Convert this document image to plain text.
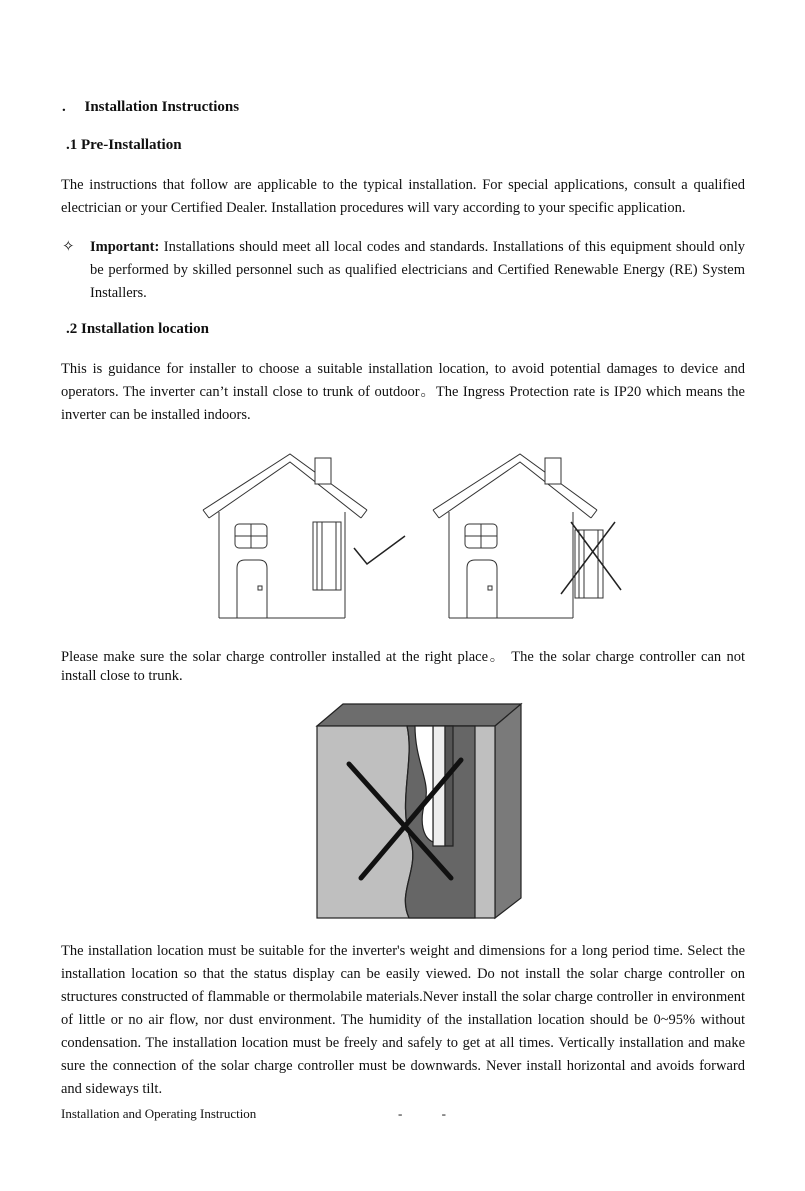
. Installation Instructions
.1 Pre-Installation
The instructions that follow are applicable to the typical installation. For special applications, consult a qualified electrician or your Certified Dealer. Installation procedures will vary according to your specific application.
✧ Important: Installations should meet all local codes and standards. Installations of this equipment should only be performed by skilled personnel such as qualified electricians and Certified Renewable Energy (RE) System Installers.
.2 Installation location
This is guidance for installer to choose a suitable installation location, to avoid potential damages to device and operators. The inverter can’t install close to trunk of outdoor。The Ingress Protection rate is IP20 which means the inverter can be installed indoors.
Please make sure the solar charge controller installed at the right place。 The the solar charge controller can not install close to trunk.
The installation location must be suitable for the inverter's weight and dimensions for a long period time. Select the installation location so that the status display can be easily viewed. Do not install the solar charge controller on structures constructed of flammable or thermolabile materials.Never install the solar charge controller in environment of little or no air flow, nor dust environment. The humidity of the installation location should be 0~95% without condensation. The installation location must be freely and safely to get at all times. Vertically installation and make sure the connection of the solar charge controller must be downwards. Never install horizontal and avoids forward and sideways tilt.
Installation and Operating Instruction	- -
